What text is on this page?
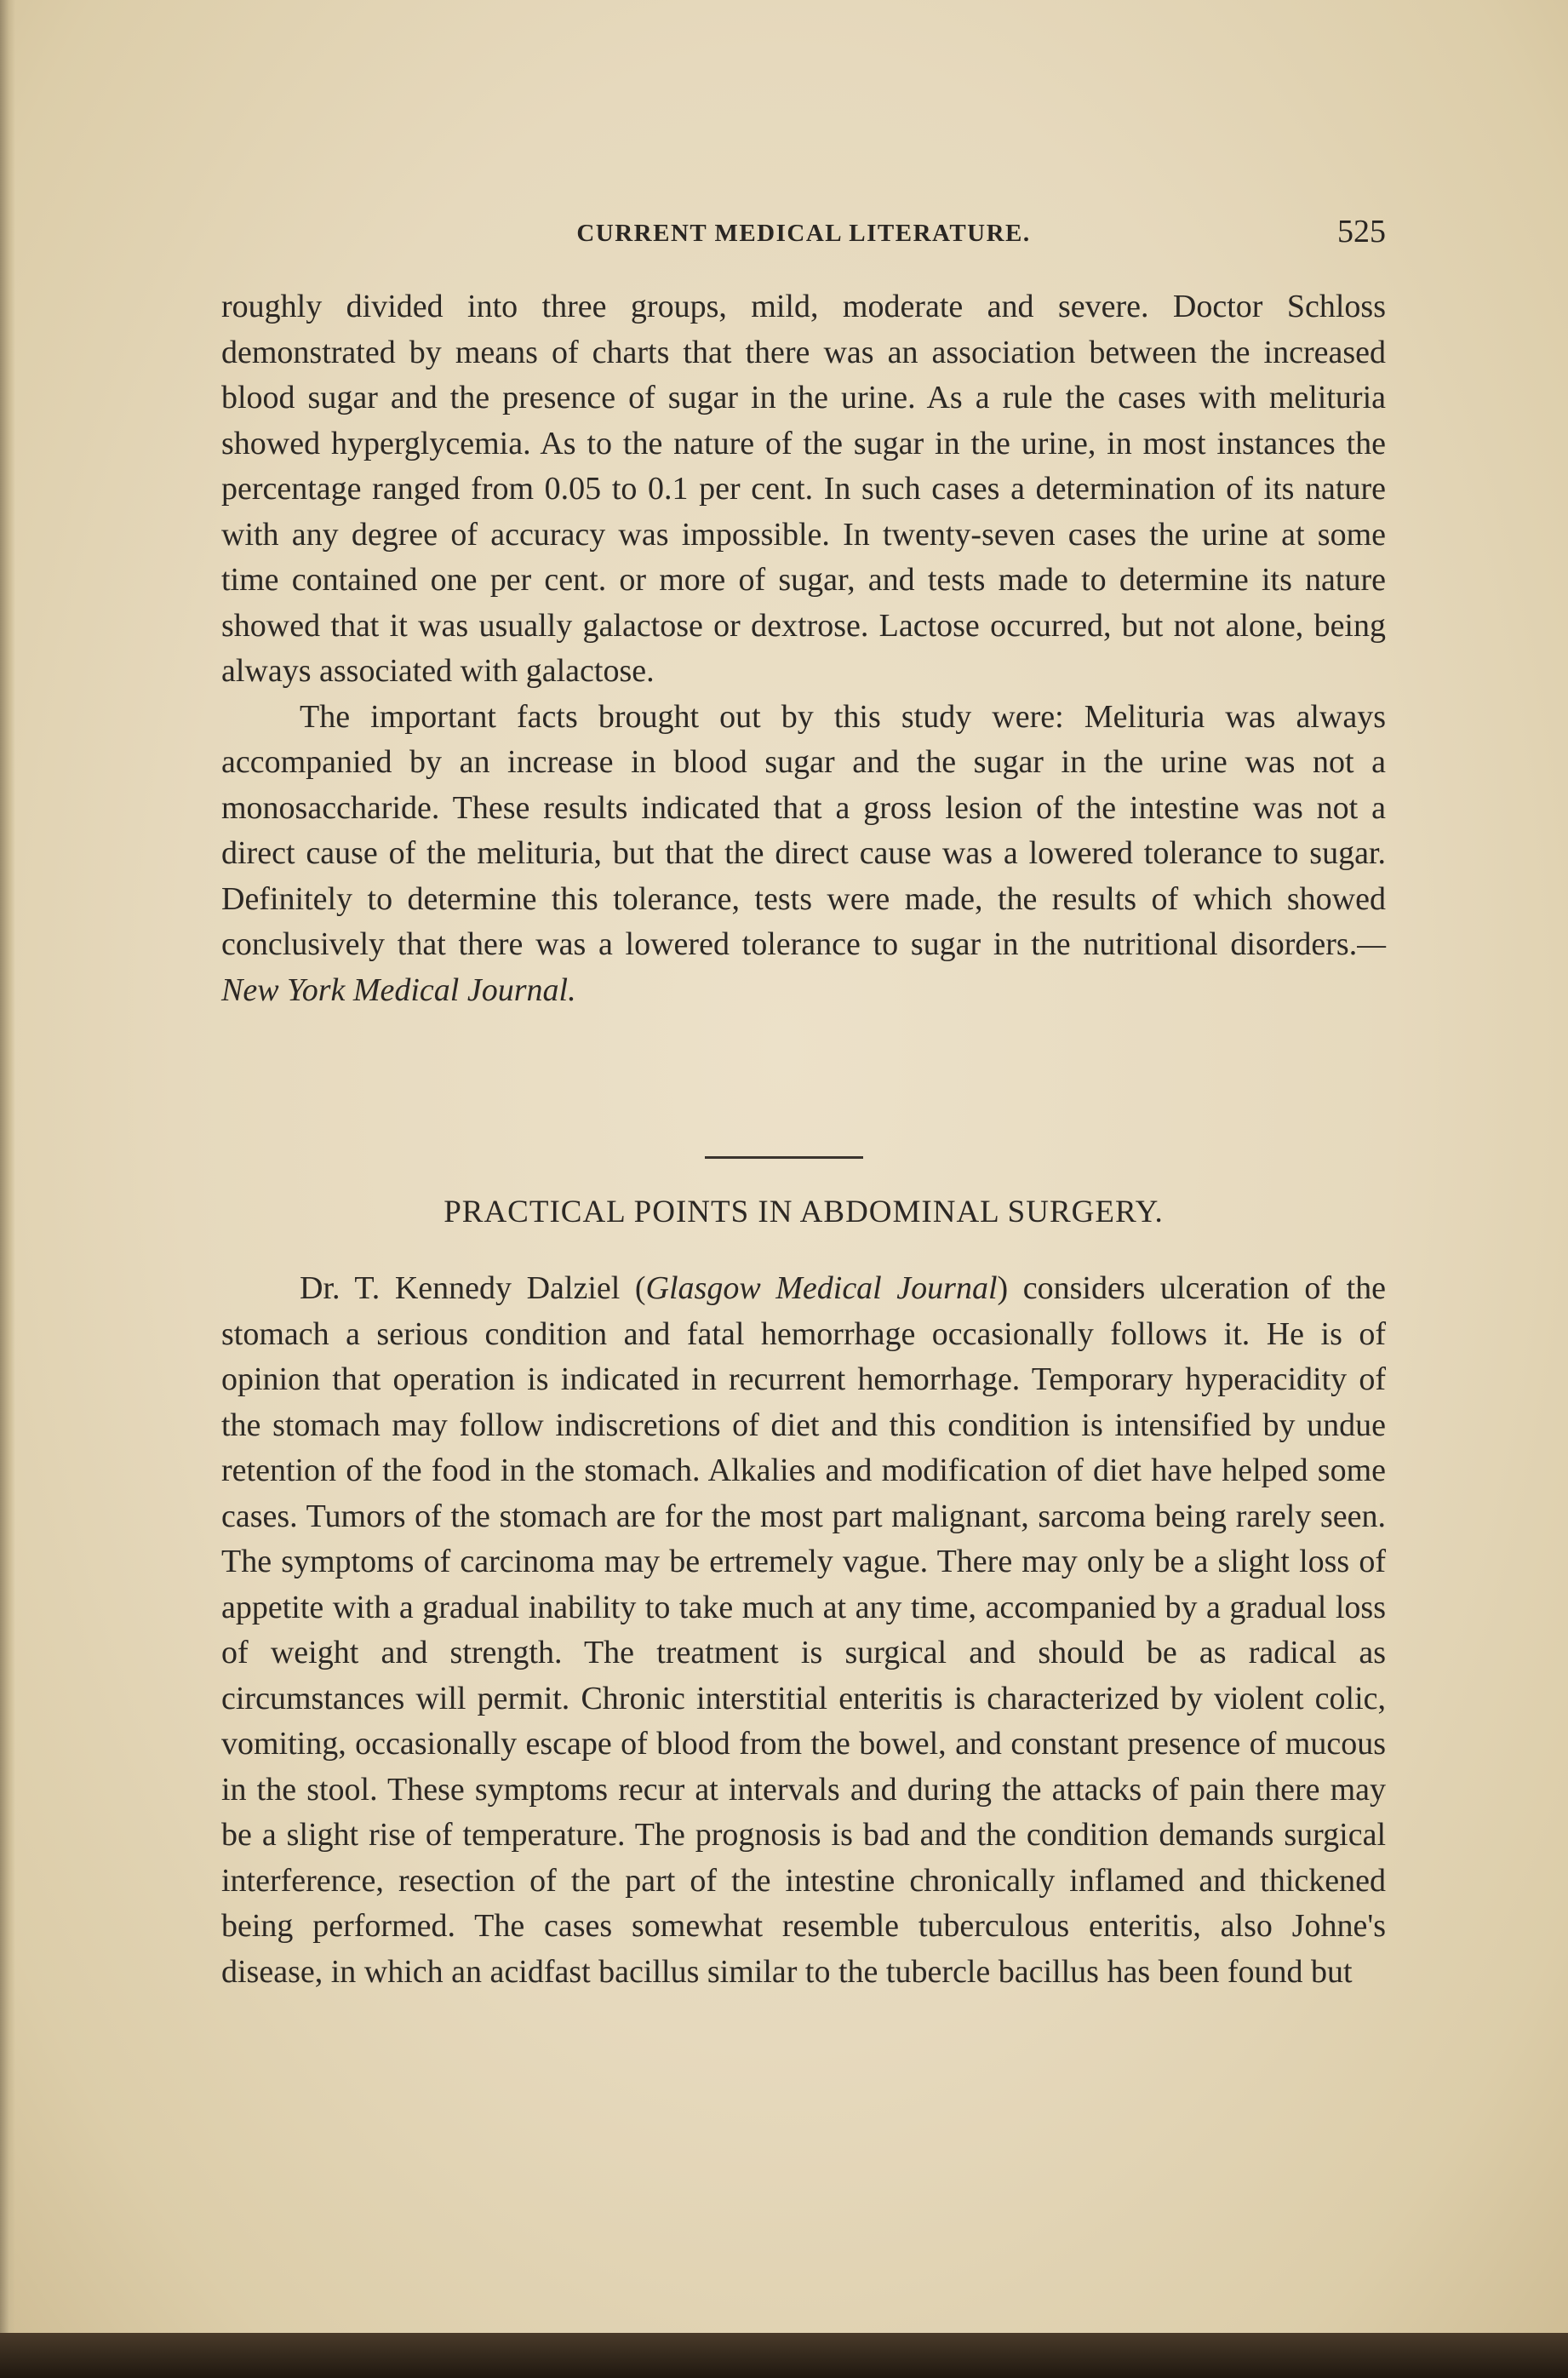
CURRENT MEDICAL LITERATURE.	525

roughly divided into three groups, mild, moderate and severe. Doctor Schloss demonstrated by means of charts that there was an association between the increased blood sugar and the presence of sugar in the urine. As a rule the cases with melituria showed hyperglycemia. As to the nature of the sugar in the urine, in most instances the percentage ranged from 0.05 to 0.1 per cent. In such cases a determination of its nature with any degree of accuracy was impossible. In twenty-seven cases the urine at some time contained one per cent. or more of sugar, and tests made to determine its nature showed that it was usually galactose or dextrose. Lactose occurred, but not alone, being always associated with galactose.

The important facts brought out by this study were: Melituria was always accompanied by an increase in blood sugar and the sugar in the urine was not a monosaccharide. These results indicated that a gross lesion of the intestine was not a direct cause of the melituria, but that the direct cause was a lowered tolerance to sugar. Definitely to determine this tolerance, tests were made, the results of which showed conclusively that there was a lowered tolerance to sugar in the nutritional disorders.—New York Medical Journal.

PRACTICAL POINTS IN ABDOMINAL SURGERY.

Dr. T. Kennedy Dalziel (Glasgow Medical Journal) considers ulceration of the stomach a serious condition and fatal hemorrhage occasionally follows it. He is of opinion that operation is indicated in recurrent hemorrhage. Temporary hyperacidity of the stomach may follow indiscretions of diet and this condition is intensified by undue retention of the food in the stomach. Alkalies and modification of diet have helped some cases. Tumors of the stomach are for the most part malignant, sarcoma being rarely seen. The symptoms of carcinoma may be ertremely vague. There may only be a slight loss of appetite with a gradual inability to take much at any time, accompanied by a gradual loss of weight and strength. The treatment is surgical and should be as radical as circumstances will permit. Chronic interstitial enteritis is characterized by violent colic, vomiting, occasionally escape of blood from the bowel, and constant presence of mucous in the stool. These symptoms recur at intervals and during the attacks of pain there may be a slight rise of temperature. The prognosis is bad and the condition demands surgical interference, resection of the part of the intestine chronically inflamed and thickened being performed. The cases somewhat resemble tuberculous enteritis, also Johne's disease, in which an acidfast bacillus similar to the tubercle bacillus has been found but
